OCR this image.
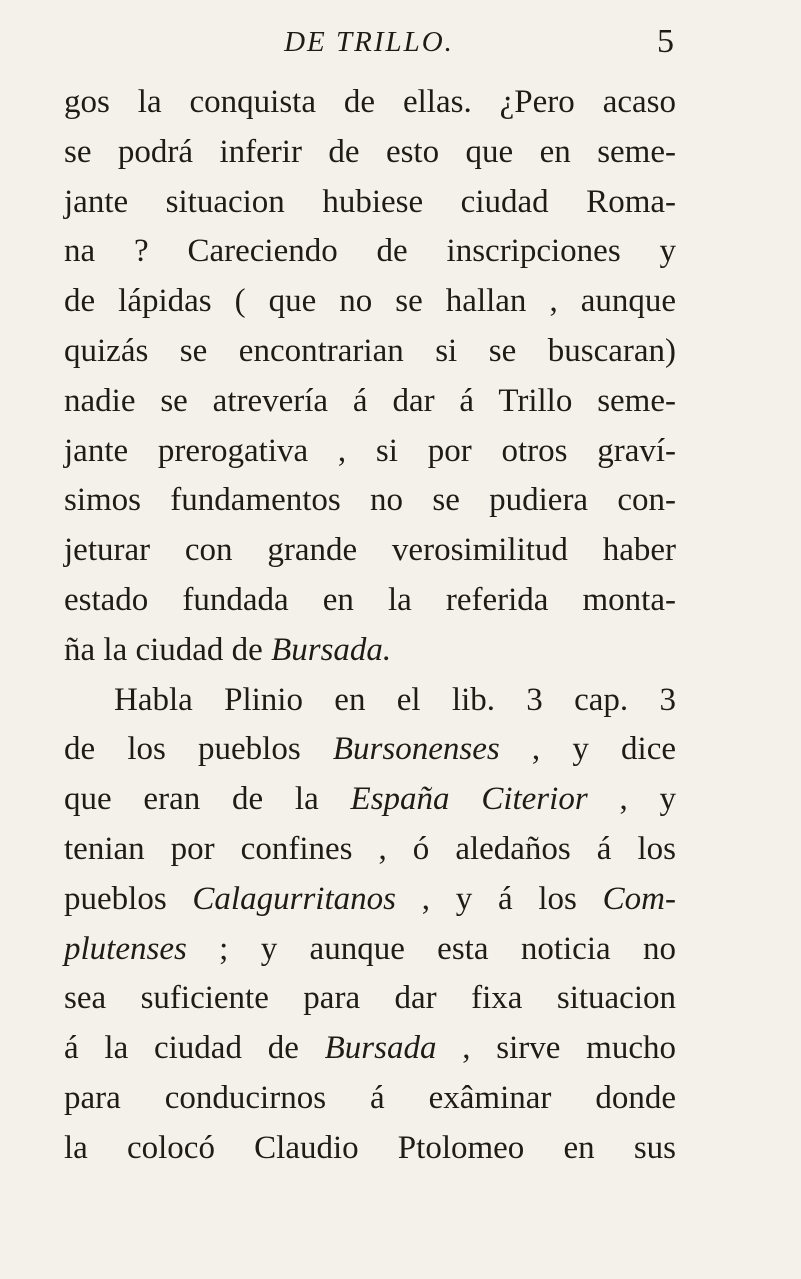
DE TRILLO.	5
gos la conquista de ellas. ¿Pero acaso
se podrá inferir de esto que en seme-
jante situacion hubiese ciudad Roma-
na ? Careciendo de inscripciones y
de lápidas ( que no se hallan , aunque
quizás se encontrarian si se buscaran)
nadie se atrevería á dar á Trillo seme-
jante prerogativa , si por otros graví-
simos fundamentos no se pudiera con-
jeturar con grande verosimilitud haber
estado fundada en la referida monta-
ña la ciudad de Bursada.
Habla Plinio en el lib. 3 cap. 3
de los pueblos Bursonenses , y dice
que eran de la España Citerior , y
tenian por confines , ó aledaños á los
pueblos Calagurritanos , y á los Com-
plutenses ; y aunque esta noticia no
sea suficiente para dar fixa situacion
á la ciudad de Bursada , sirve mucho
para conducirnos á exâminar donde
la colocó Claudio Ptolomeo en sus
